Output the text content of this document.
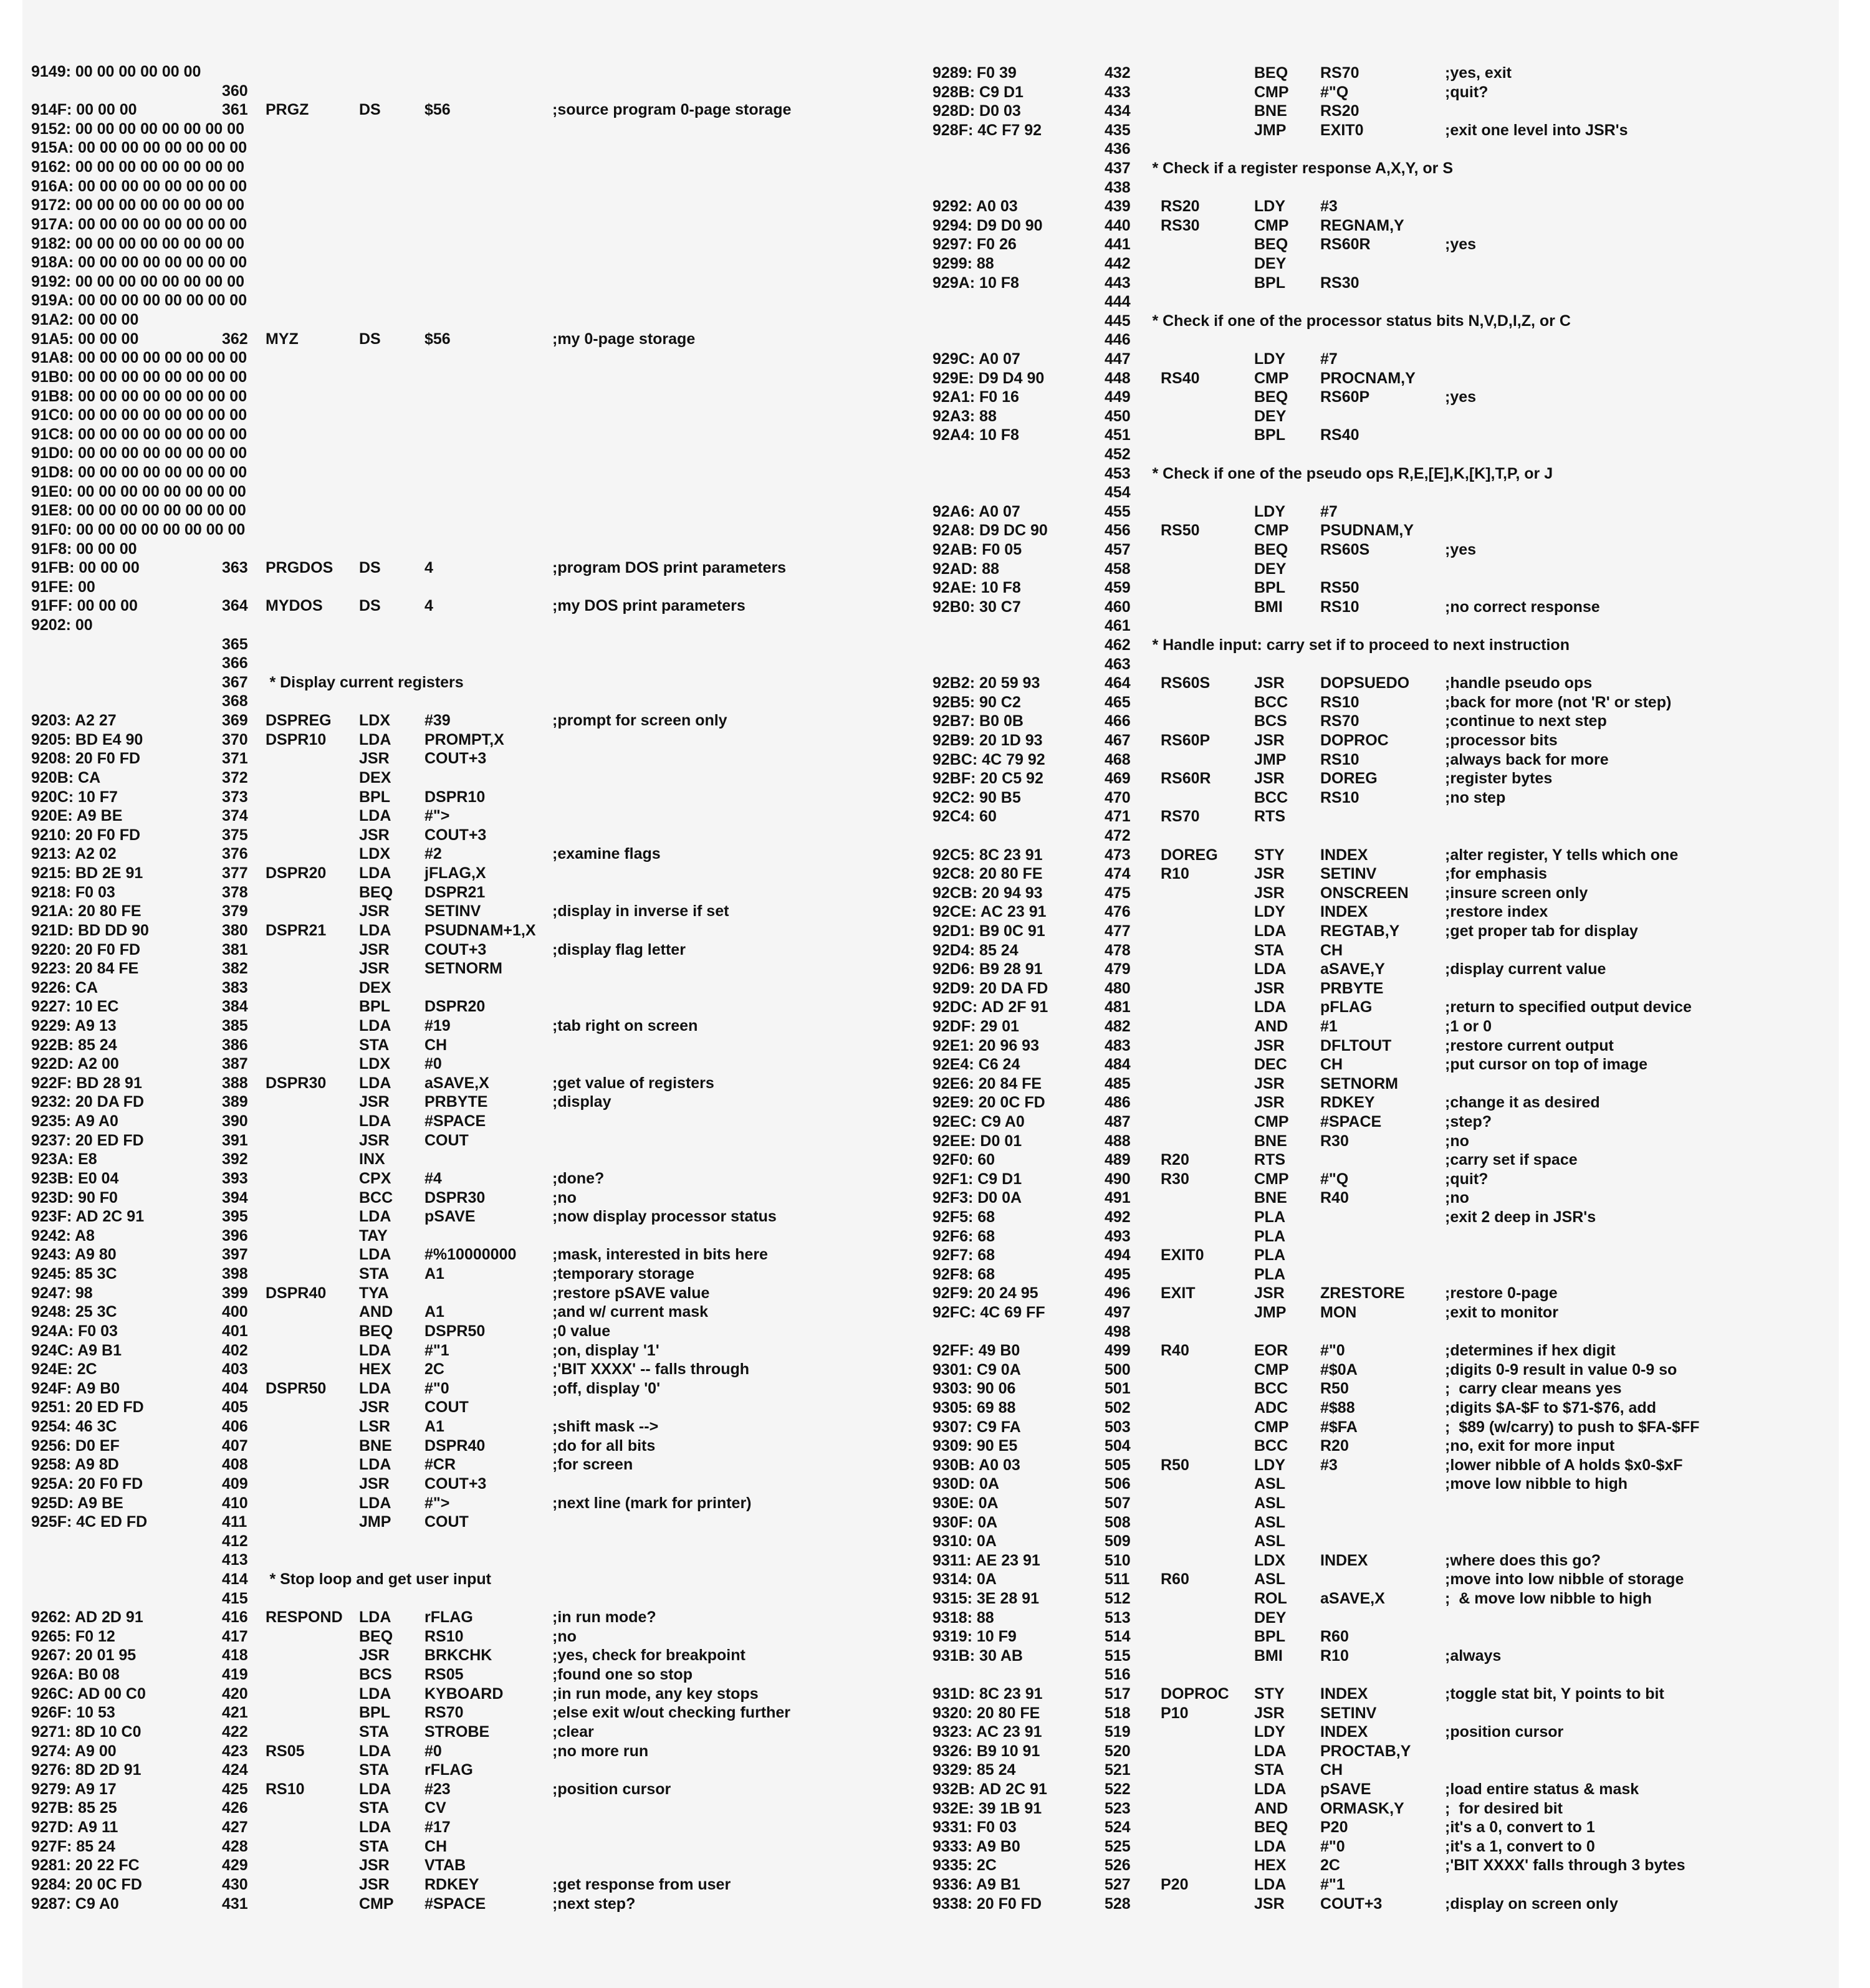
9149: 00 00 00 00 00 00
360
914F: 00 00 00	361 PRGZ	DS	$56	;source program 0-page storage
9152: 00 00 00 00 00 00 00 00
915A: 00 00 00 00 00 00 00 00
9162: 00 00 00 00 00 00 00 00
916A: 00 00 00 00 00 00 00 00
9172: 00 00 00 00 00 00 00 00
917A: 00 00 00 00 00 00 00 00
9182: 00 00 00 00 00 00 00 00
918A: 00 00 00 00 00 00 00 00
9192: 00 00 00 00 00 00 00 00
919A: 00 00 00 00 00 00 00 00
91A2: 00 00 00
91A5: 00 00 00	362 MYZ	DS	$56	;my 0-page storage
91A8: 00 00 00 00 00 00 00 00
91B0: 00 00 00 00 00 00 00 00
91B8: 00 00 00 00 00 00 00 00
91C0: 00 00 00 00 00 00 00 00
91C8: 00 00 00 00 00 00 00 00
91D0: 00 00 00 00 00 00 00 00
91D8: 00 00 00 00 00 00 00 00
91E0: 00 00 00 00 00 00 00 00
91E8: 00 00 00 00 00 00 00 00
91F0: 00 00 00 00 00 00 00 00
91F8: 00 00 00
91FB: 00 00 00	363 PRGDOS DS	4	;program DOS print parameters
91FE: 00
91FF: 00 00 00	364 MYDOS DS	4	;my DOS print parameters
9202: 00
365
366
367     * Display current registers
368
9203: A2 27	369 DSPREG LDX #39	;prompt for screen only
9205: BD E4 90	370 DSPR10 LDA PROMPT,X
9208: 20 F0 FD	371	JSR COUT+3
920B: CA	372	DEX
920C: 10 F7	373	BPL DSPR10
920E: A9 BE	374	LDA #">
9210: 20 F0 FD	375	JSR COUT+3
9213: A2 02	376	LDX #2	;examine flags
9215: BD 2E 91	377 DSPR20 LDA jFLAG,X
9218: F0 03	378	BEQ DSPR21
921A: 20 80 FE	379	JSR SETINV	;display in inverse if set
921D: BD DD 90	380 DSPR21 LDA PSUDNAM+1,X
9220: 20 F0 FD	381	JSR COUT+3	;display flag letter
9223: 20 84 FE	382	JSR SETNORM
9226: CA	383	DEX
9227: 10 EC	384	BPL DSPR20
9229: A9 13	385	LDA #19	;tab right on screen
922B: 85 24	386	STA CH
922D: A2 00	387	LDX #0
922F: BD 28 91	388 DSPR30 LDA aSAVE,X	;get value of registers
9232: 20 DA FD	389	JSR PRBYTE	;display
9235: A9 A0	390	LDA #SPACE
9237: 20 ED FD	391	JSR COUT
923A: E8	392	INX
923B: E0 04	393	CPX #4	;done?
923D: 90 F0	394	BCC DSPR30	;no
923F: AD 2C 91	395	LDA pSAVE	;now display processor status
9242: A8	396	TAY
9243: A9 80	397	LDA #%10000000 ;mask, interested in bits here
9245: 85 3C	398	STA A1	;temporary storage
9247: 98	399 DSPR40 TYA	;restore pSAVE value
9248: 25 3C	400	AND A1	;and w/ current mask
924A: F0 03	401	BEQ DSPR50	;0 value
924C: A9 B1	402	LDA #"1	;on, display '1'
924E: 2C	403	HEX 2C	;'BIT XXXX' -- falls through
924F: A9 B0	404 DSPR50 LDA #"0	;off, display '0'
9251: 20 ED FD	405	JSR COUT
9254: 46 3C	406	LSR A1	;shift mask -->
9256: D0 EF	407	BNE DSPR40	;do for all bits
9258: A9 8D	408	LDA #CR	;for screen
925A: 20 F0 FD	409	JSR COUT+3
925D: A9 BE	410	LDA #">	;next line (mark for printer)
925F: 4C ED FD	411	JMP COUT
412
413
414     * Stop loop and get user input
415
9262: AD 2D 91	416 RESPOND LDA rFLAG	;in run mode?
9265: F0 12	417	BEQ RS10	;no
9267: 20 01 95	418	JSR BRKCHK	;yes, check for breakpoint
926A: B0 08	419	BCS RS05	;found one so stop
926C: AD 00 C0	420	LDA KYBOARD	;in run mode, any key stops
926F: 10 53	421	BPL RS70	;else exit w/out checking further
9271: 8D 10 C0	422	STA STROBE	;clear
9274: A9 00	423 RS05	LDA #0	;no more run
9276: 8D 2D 91	424	STA rFLAG
9279: A9 17	425 RS10	LDA #23	;position cursor
927B: 85 25	426	STA CV
927D: A9 11	427	LDA #17
927F: 85 24	428	STA CH
9281: 20 22 FC	429	JSR VTAB
9284: 20 0C FD	430	JSR RDKEY	;get response from user
9287: C9 A0	431	CMP #SPACE	;next step?
9289: F0 39	432	BEQ RS70	;yes, exit
928B: C9 D1	433	CMP #"Q	;quit?
928D: D0 03	434	BNE RS20
928F: 4C F7 92	435	JMP EXIT0	;exit one level into JSR's
436
437     * Check if a register response A,X,Y, or S
438
9292: A0 03	439 RS20	LDY #3
9294: D9 D0 90	440 RS30	CMP REGNAM,Y
9297: F0 26	441	BEQ RS60R	;yes
9299: 88	442	DEY
929A: 10 F8	443	BPL RS30
444
445     * Check if one of the processor status bits N,V,D,I,Z, or C
446
929C: A0 07	447	LDY #7
929E: D9 D4 90	448 RS40	CMP PROCNAM,Y
92A1: F0 16	449	BEQ RS60P	;yes
92A3: 88	450	DEY
92A4: 10 F8	451	BPL RS40
452
453     * Check if one of the pseudo ops R,E,[E],K,[K],T,P, or J
454
92A6: A0 07	455	LDY #7
92A8: D9 DC 90	456 RS50	CMP PSUDNAM,Y
92AB: F0 05	457	BEQ RS60S	;yes
92AD: 88	458	DEY
92AE: 10 F8	459	BPL RS50
92B0: 30 C7	460	BMI RS10	;no correct response
461
462     * Handle input: carry set if to proceed to next instruction
463
92B2: 20 59 93	464 RS60S	JSR DOPSUEDO ;handle pseudo ops
92B5: 90 C2	465	BCC RS10	;back for more (not 'R' or step)
92B7: B0 0B	466	BCS RS70	;continue to next step
92B9: 20 1D 93	467 RS60P	JSR DOPROC	;processor bits
92BC: 4C 79 92	468	JMP RS10	;always back for more
92BF: 20 C5 92	469 RS60R	JSR DOREG	;register bytes
92C2: 90 B5	470	BCC RS10	;no step
92C4: 60	471 RS70	RTS
472
92C5: 8C 23 91	473 DOREG STY INDEX	;alter register, Y tells which one
92C8: 20 80 FE	474 R10	JSR SETINV	;for emphasis
92CB: 20 94 93	475	JSR ONSCREEN ;insure screen only
92CE: AC 23 91	476	LDY INDEX	;restore index
92D1: B9 0C 91	477	LDA REGTAB,Y	;get proper tab for display
92D4: 85 24	478	STA CH
92D6: B9 28 91	479	LDA aSAVE,Y	;display current value
92D9: 20 DA FD	480	JSR PRBYTE
92DC: AD 2F 91	481	LDA pFLAG	;return to specified output device
92DF: 29 01	482	AND #1	;1 or 0
92E1: 20 96 93	483	JSR DFLTOUT	;restore current output
92E4: C6 24	484	DEC CH	;put cursor on top of image
92E6: 20 84 FE	485	JSR SETNORM
92E9: 20 0C FD	486	JSR RDKEY	;change it as desired
92EC: C9 A0	487	CMP #SPACE	;step?
92EE: D0 01	488	BNE R30	;no
92F0: 60	489 R20	RTS	;carry set if space
92F1: C9 D1	490 R30	CMP #"Q	;quit?
92F3: D0 0A	491	BNE R40	;no
92F5: 68	492	PLA	;exit 2 deep in JSR's
92F6: 68	493	PLA
92F7: 68	494 EXIT0	PLA
92F8: 68	495	PLA
92F9: 20 24 95	496 EXIT	JSR ZRESTORE	;restore 0-page
92FC: 4C 69 FF	497	JMP MON	;exit to monitor
498
92FF: 49 B0	499 R40	EOR #"0	;determines if hex digit
9301: C9 0A	500	CMP #$0A	;digits 0-9 result in value 0-9 so
9303: 90 06	501	BCC R50	;  carry clear means yes
9305: 69 88	502	ADC #$88	;digits $A-$F to $71-$76, add
9307: C9 FA	503	CMP #$FA	;  $89 (w/carry) to push to $FA-$FF
9309: 90 E5	504	BCC R20	;no, exit for more input
930B: A0 03	505 R50	LDY #3	;lower nibble of A holds $x0-$xF
930D: 0A	506	ASL	;move low nibble to high
930E: 0A	507	ASL
930F: 0A	508	ASL
9310: 0A	509	ASL
9311: AE 23 91	510	LDX INDEX	;where does this go?
9314: 0A	511 R60	ASL	;move into low nibble of storage
9315: 3E 28 91	512	ROL aSAVE,X	;  & move low nibble to high
9318: 88	513	DEY
9319: 10 F9	514	BPL R60
931B: 30 AB	515	BMI R10	;always
516
931D: 8C 23 91	517 DOPROC STY INDEX	;toggle stat bit, Y points to bit
9320: 20 80 FE	518 P10	JSR SETINV
9323: AC 23 91	519	LDY INDEX	;position cursor
9326: B9 10 91	520	LDA PROCTAB,Y
9329: 85 24	521	STA CH
932B: AD 2C 91	522	LDA pSAVE	;load entire status & mask
932E: 39 1B 91	523	AND ORMASK,Y	;  for desired bit
9331: F0 03	524	BEQ P20	;it's a 0, convert to 1
9333: A9 B0	525	LDA #"0	;it's a 1, convert to 0
9335: 2C	526	HEX 2C	;'BIT XXXX' falls through 3 bytes
9336: A9 B1	527 P20	LDA #"1
9338: 20 F0 FD	528	JSR COUT+3	;display on screen only
